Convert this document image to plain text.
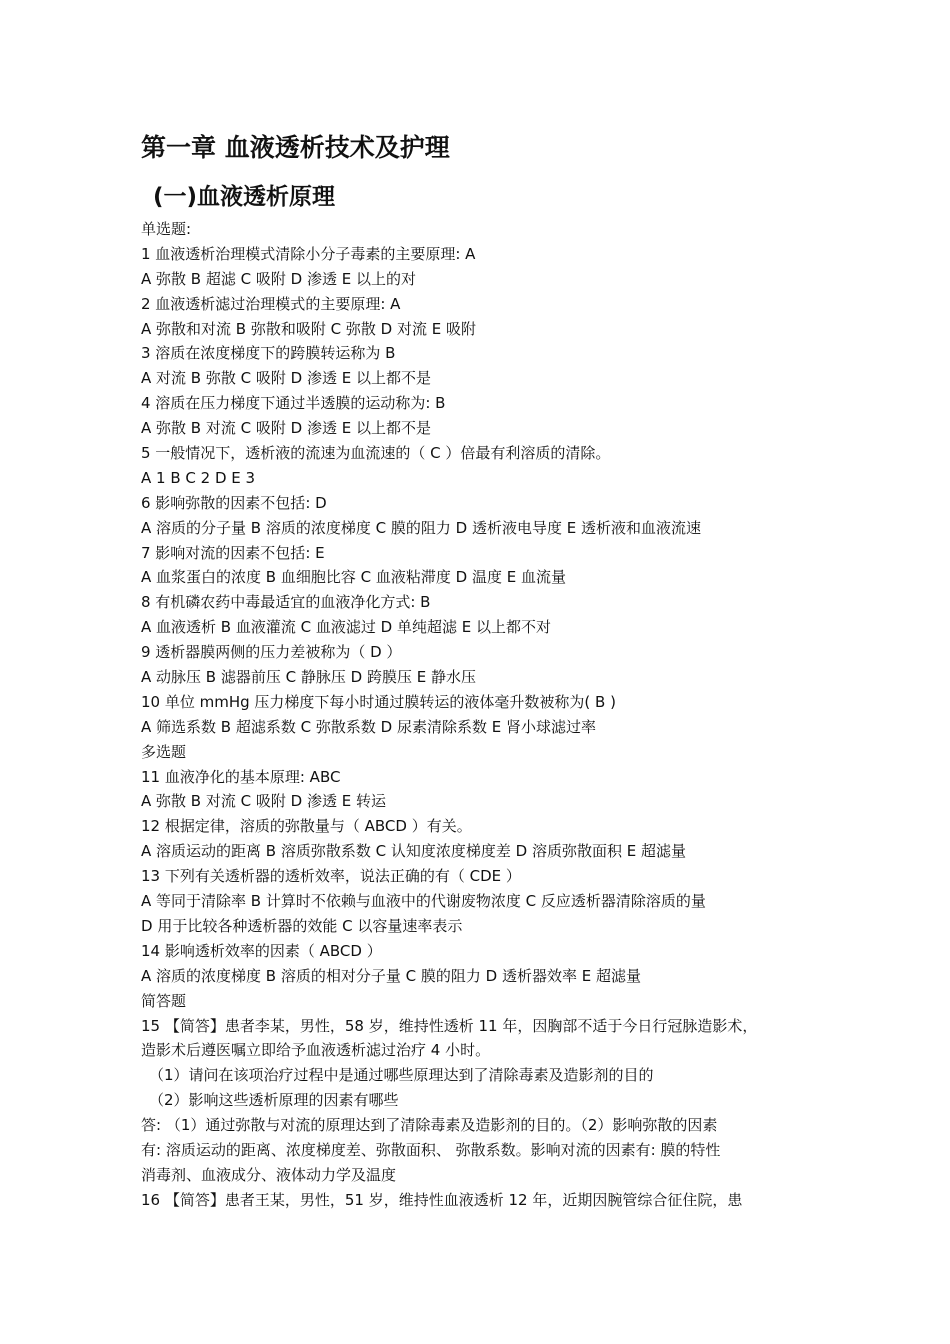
第一章 血液透析技术及护理
(一)血液透析原理
单选题:
1 血液透析治理模式清除小分子毒素的主要原理: A
A 弥散 B 超滤 C 吸附 D 渗透 E 以上的对
2 血液透析滤过治理模式的主要原理: A
A 弥散和对流 B 弥散和吸附 C 弥散 D 对流 E 吸附
3 溶质在浓度梯度下的跨膜转运称为 B
A 对流 B 弥散 C 吸附 D 渗透 E 以上都不是
4 溶质在压力梯度下通过半透膜的运动称为: B
A 弥散 B 对流 C 吸附 D 渗透 E 以上都不是
5 一般情况下，透析液的流速为血流速的（ C ）倍最有利溶质的清除。
A 1 B C 2 D E 3
6 影响弥散的因素不包括: D
A 溶质的分子量 B 溶质的浓度梯度 C 膜的阻力 D 透析液电导度 E 透析液和血液流速
7 影响对流的因素不包括: E
A 血浆蛋白的浓度 B 血细胞比容 C 血液粘滞度 D 温度 E 血流量
8 有机磷农药中毒最适宜的血液净化方式: B
A 血液透析 B 血液灌流 C 血液滤过 D 单纯超滤 E 以上都不对
9 透析器膜两侧的压力差被称为（ D ）
A 动脉压 B 滤器前压 C 静脉压 D 跨膜压 E 静水压
10 单位 mmHg 压力梯度下每小时通过膜转运的液体毫升数被称为( B )
A 筛选系数 B 超滤系数 C 弥散系数 D 尿素清除系数 E 肾小球滤过率
多选题
11 血液净化的基本原理: ABC
A 弥散 B 对流 C 吸附 D 渗透 E 转运
12 根据定律，溶质的弥散量与（ ABCD ）有关。
A 溶质运动的距离 B 溶质弥散系数 C 认知度浓度梯度差 D 溶质弥散面积 E 超滤量
13 下列有关透析器的透析效率，说法正确的有（ CDE ）
A 等同于清除率 B 计算时不依赖与血液中的代谢废物浓度 C 反应透析器清除溶质的量
D 用于比较各种透析器的效能 C 以容量速率表示
14 影响透析效率的因素（ ABCD ）
A 溶质的浓度梯度 B 溶质的相对分子量 C 膜的阻力 D 透析器效率 E 超滤量
简答题
15 【简答】患者李某，男性，58 岁，维持性透析 11 年，因胸部不适于今日行冠脉造影术，
造影术后遵医嘱立即给予血液透析滤过治疗 4 小时。
（1）请问在该项治疗过程中是通过哪些原理达到了清除毒素及造影剂的目的
（2）影响这些透析原理的因素有哪些
答: （1）通过弥散与对流的原理达到了清除毒素及造影剂的目的。（2）影响弥散的因素
有: 溶质运动的距离、浓度梯度差、弥散面积、 弥散系数。影响对流的因素有: 膜的特性
消毒剂、血液成分、液体动力学及温度
16 【简答】患者王某，男性，51 岁，维持性血液透析 12 年，近期因腕管综合征住院，患
